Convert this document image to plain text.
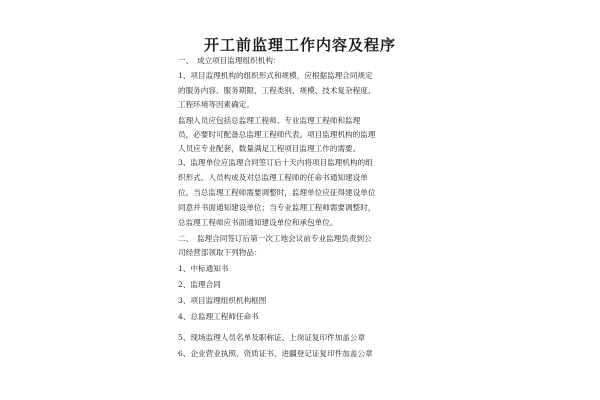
开工前监理工作内容及程序
一、　成立项目监理组织机构：
1、项目监理机构的组织形式和规模，应根据监理合同规定
的服务内容、服务期限、工程类别、规模、技术复杂程度、
工程环境等因素确定。
监理人员应包括总监理工程师、专业监理工程师和监理
员，必要时可配备总监理工程师代表。项目监理机构的监理
人员应专业配套，数量满足工程项目监理工作的需要。
3、监理单位应监理合同签订后十天内将项目监理机构的组
织形式、人员构成及对总监理工程师的任命书通知建设单
位。当总监理工程师需要调整时，监理单位应征得建设单位
同意并书面通知建设单位；当专业监理工程师需要调整时，
总监理工程师应书面通知建设单位和承包单位。
二、　监理合同签订后第一次工地会议前专业监理负责到公
司经营部领取下列物品：
1、中标通知书
2、监理合同
3、项目监理组织机构框图
4、总监理工程师任命书
5、现场监理人员名单及职称证、上岗证复印件加盖公章
6、企业营业执照、资质证书、进疆登记证复印件加盖公章
